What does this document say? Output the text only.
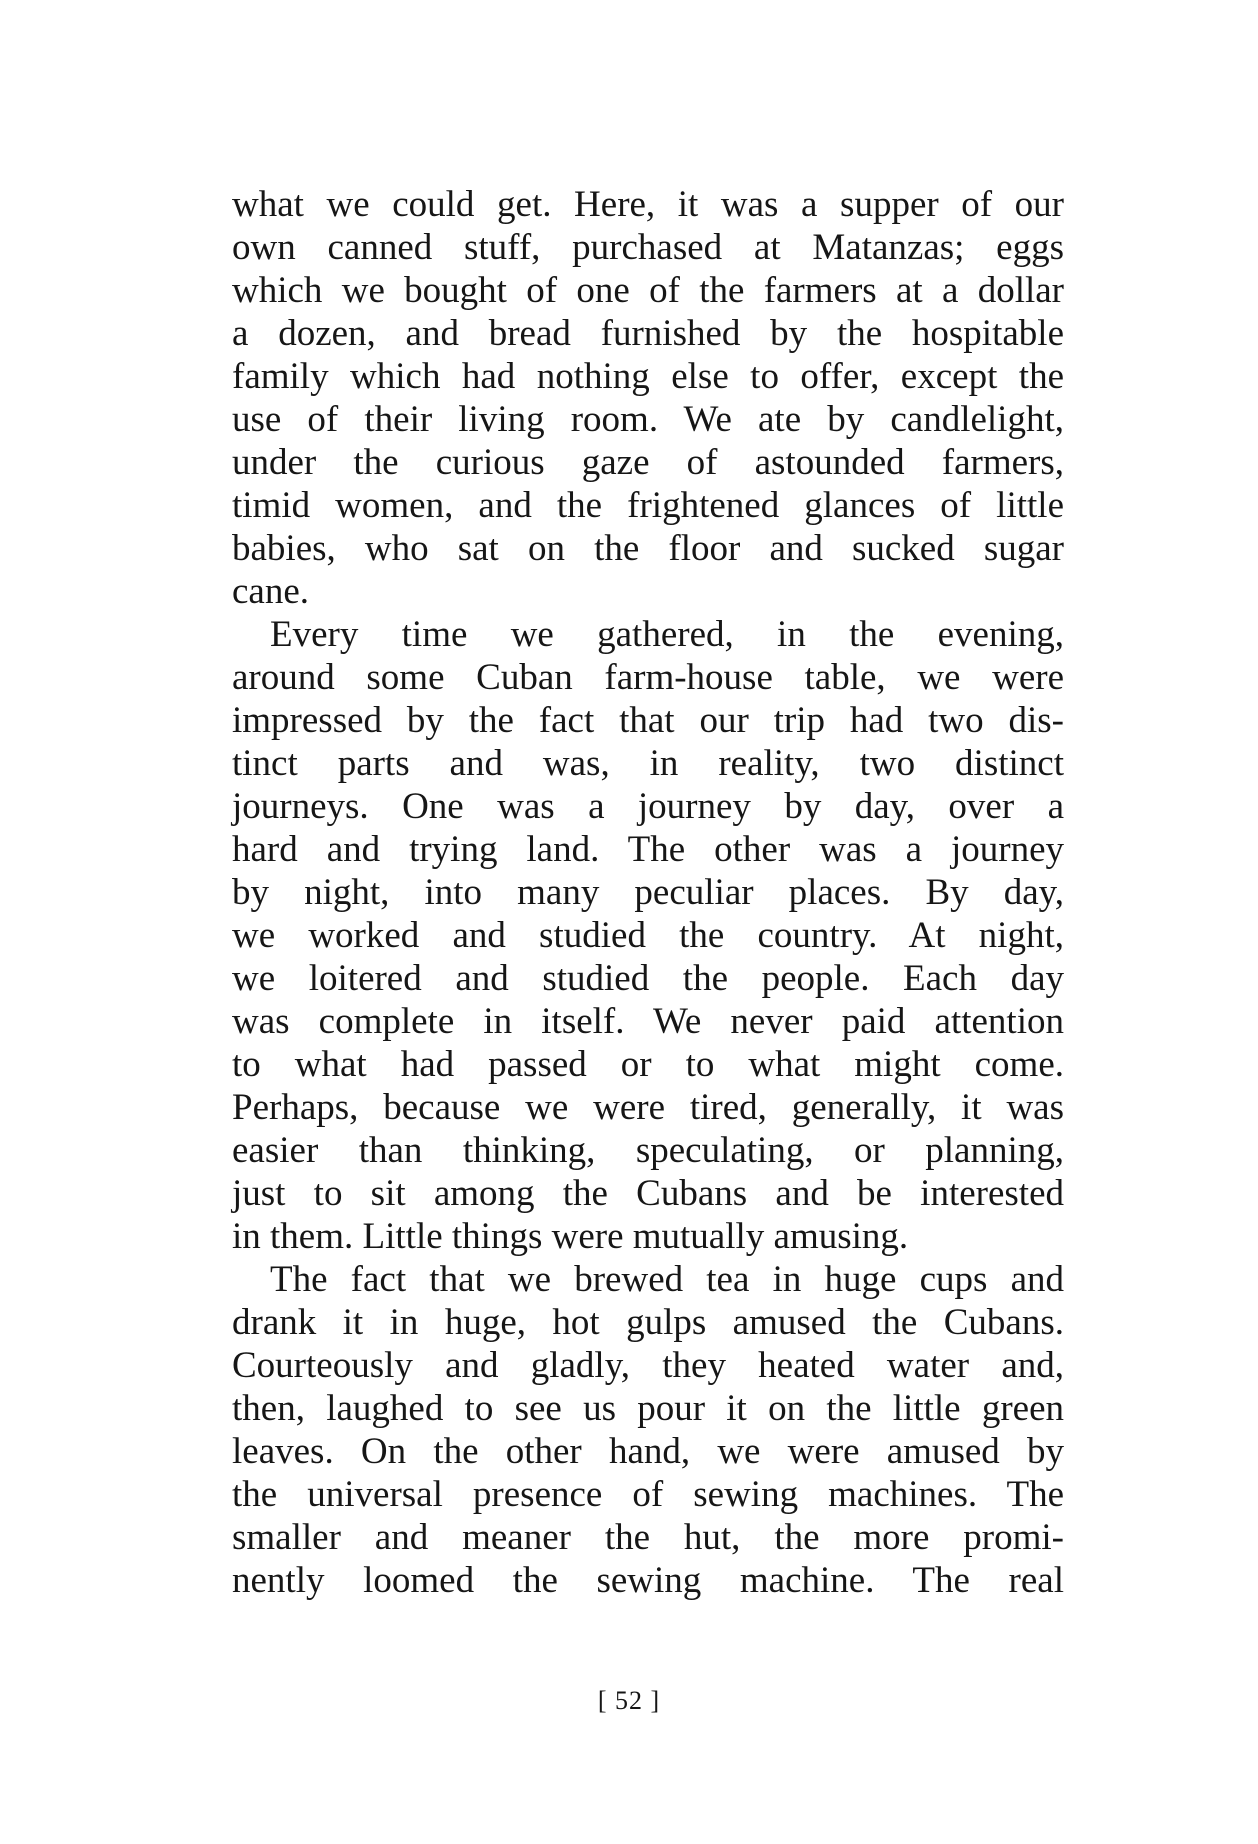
what we could get. Here, it was a supper of our
own canned stuff, purchased at Matanzas; eggs
which we bought of one of the farmers at a dollar
a dozen, and bread furnished by the hospitable
family which had nothing else to offer, except the
use of their living room. We ate by candlelight,
under the curious gaze of astounded farmers,
timid women, and the frightened glances of little
babies, who sat on the floor and sucked sugar
cane.
Every time we gathered, in the evening,
around some Cuban farm-house table, we were
impressed by the fact that our trip had two dis-
tinct parts and was, in reality, two distinct
journeys. One was a journey by day, over a
hard and trying land. The other was a journey
by night, into many peculiar places. By day,
we worked and studied the country. At night,
we loitered and studied the people. Each day
was complete in itself. We never paid attention
to what had passed or to what might come.
Perhaps, because we were tired, generally, it was
easier than thinking, speculating, or planning,
just to sit among the Cubans and be interested
in them. Little things were mutually amusing.
The fact that we brewed tea in huge cups and
drank it in huge, hot gulps amused the Cubans.
Courteously and gladly, they heated water and,
then, laughed to see us pour it on the little green
leaves. On the other hand, we were amused by
the universal presence of sewing machines. The
smaller and meaner the hut, the more promi-
nently loomed the sewing machine. The real
[ 52 ]
